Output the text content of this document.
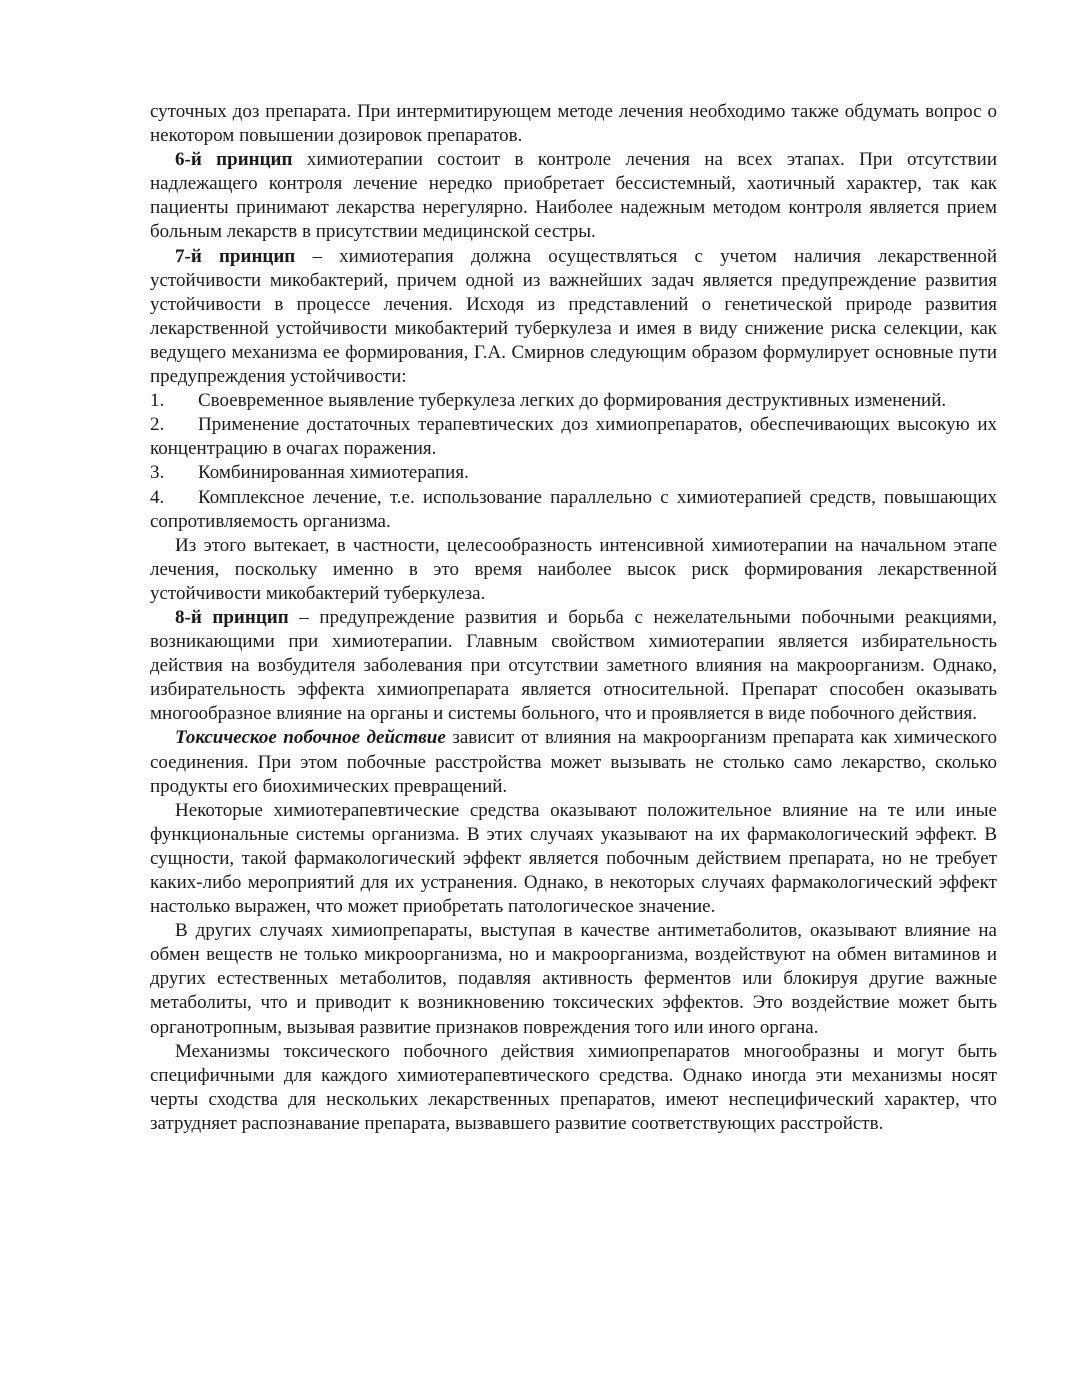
суточных доз препарата. При интермитирующем методе лечения необходимо также обдумать вопрос о некотором повышении дозировок препаратов.

6-й принцип химиотерапии состоит в контроле лечения на всех этапах. При отсутствии надлежащего контроля лечение нередко приобретает бессистемный, хаотичный характер, так как пациенты принимают лекарства нерегулярно. Наиболее надежным методом контроля является прием больным лекарств в присутствии медицинской сестры.

7-й принцип – химиотерапия должна осуществляться с учетом наличия лекарственной устойчивости микобактерий, причем одной из важнейших задач является предупреждение развития устойчивости в процессе лечения. Исходя из представлений о генетической природе развития лекарственной устойчивости микобактерий туберкулеза и имея в виду снижение риска селекции, как ведущего механизма ее формирования, Г.А. Смирнов следующим образом формулирует основные пути предупреждения устойчивости:

1. Своевременное выявление туберкулеза легких до формирования деструктивных изменений.

2. Применение достаточных терапевтических доз химиопрепаратов, обеспечивающих высокую их концентрацию в очагах поражения.

3. Комбинированная химиотерапия.

4. Комплексное лечение, т.е. использование параллельно с химиотерапией средств, повышающих сопротивляемость организма.

Из этого вытекает, в частности, целесообразность интенсивной химиотерапии на начальном этапе лечения, поскольку именно в это время наиболее высок риск формирования лекарственной устойчивости микобактерий туберкулеза.

8-й принцип – предупреждение развития и борьба с нежелательными побочными реакциями, возникающими при химиотерапии. Главным свойством химиотерапии является избирательность действия на возбудителя заболевания при отсутствии заметного влияния на макроорганизм. Однако, избирательность эффекта химиопрепарата является относительной. Препарат способен оказывать многообразное влияние на органы и системы больного, что и проявляется в виде побочного действия.

Токсическое побочное действие зависит от влияния на макроорганизм препарата как химического соединения. При этом побочные расстройства может вызывать не столько само лекарство, сколько продукты его биохимических превращений.

Некоторые химиотерапевтические средства оказывают положительное влияние на те или иные функциональные системы организма. В этих случаях указывают на их фармакологический эффект. В сущности, такой фармакологический эффект является побочным действием препарата, но не требует каких-либо мероприятий для их устранения. Однако, в некоторых случаях фармакологический эффект настолько выражен, что может приобретать патологическое значение.

В других случаях химиопрепараты, выступая в качестве антиметаболитов, оказывают влияние на обмен веществ не только микроорганизма, но и макроорганизма, воздействуют на обмен витаминов и других естественных метаболитов, подавляя активность ферментов или блокируя другие важные метаболиты, что и приводит к возникновению токсических эффектов. Это воздействие может быть органотропным, вызывая развитие признаков повреждения того или иного органа.

Механизмы токсического побочного действия химиопрепаратов многообразны и могут быть специфичными для каждого химиотерапевтического средства. Однако иногда эти механизмы носят черты сходства для нескольких лекарственных препаратов, имеют неспецифический характер, что затрудняет распознавание препарата, вызвавшего развитие соответствующих расстройств.
